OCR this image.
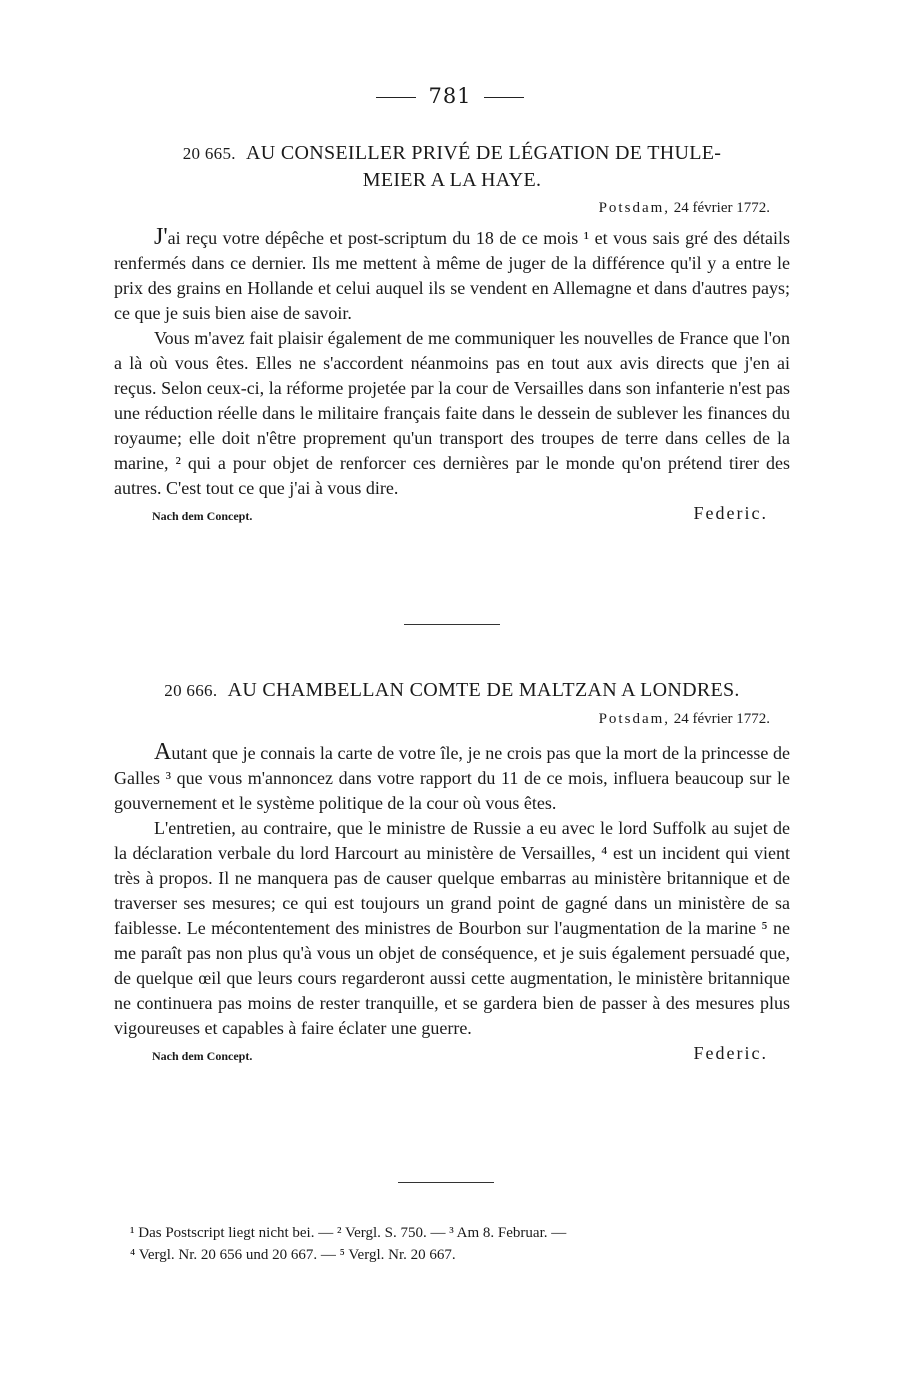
781
20 665. AU CONSEILLER PRIVÉ DE LÉGATION DE THULE-
MEIER A LA HAYE.
Potsdam, 24 février 1772.

J'ai reçu votre dépêche et post-scriptum du 18 de ce mois ¹ et vous sais gré des détails renfermés dans ce dernier. Ils me mettent à même de juger de la différence qu'il y a entre le prix des grains en Hollande et celui auquel ils se vendent en Allemagne et dans d'autres pays; ce que je suis bien aise de savoir.

Vous m'avez fait plaisir également de me communiquer les nouvelles de France que l'on a là où vous êtes. Elles ne s'accordent néanmoins pas en tout aux avis directs que j'en ai reçus. Selon ceux-ci, la réforme projetée par la cour de Versailles dans son infanterie n'est pas une réduction réelle dans le militaire français faite dans le dessein de sublever les finances du royaume; elle doit n'être proprement qu'un transport des troupes de terre dans celles de la marine, ² qui a pour objet de renforcer ces dernières par le monde qu'on prétend tirer des autres. C'est tout ce que j'ai à vous dire.

Nach dem Concept.	Federic.
20 666. AU CHAMBELLAN COMTE DE MALTZAN A LONDRES.
Potsdam, 24 février 1772.

Autant que je connais la carte de votre île, je ne crois pas que la mort de la princesse de Galles ³ que vous m'annoncez dans votre rapport du 11 de ce mois, influera beaucoup sur le gouvernement et le système politique de la cour où vous êtes.

L'entretien, au contraire, que le ministre de Russie a eu avec le lord Suffolk au sujet de la déclaration verbale du lord Harcourt au ministère de Versailles, ⁴ est un incident qui vient très à propos. Il ne manquera pas de causer quelque embarras au ministère britannique et de traverser ses mesures; ce qui est toujours un grand point de gagné dans un ministère de sa faiblesse. Le mécontentement des ministres de Bourbon sur l'augmentation de la marine ⁵ ne me paraît pas non plus qu'à vous un objet de conséquence, et je suis également persuadé que, de quelque œil que leurs cours regarderont aussi cette augmentation, le ministère britannique ne continuera pas moins de rester tranquille, et se gardera bien de passer à des mesures plus vigoureuses et capables à faire éclater une guerre.

Nach dem Concept.	Federic.
¹ Das Postscript liegt nicht bei. — ² Vergl. S. 750. — ³ Am 8. Februar. —
⁴ Vergl. Nr. 20 656 und 20 667. — ⁵ Vergl. Nr. 20 667.
